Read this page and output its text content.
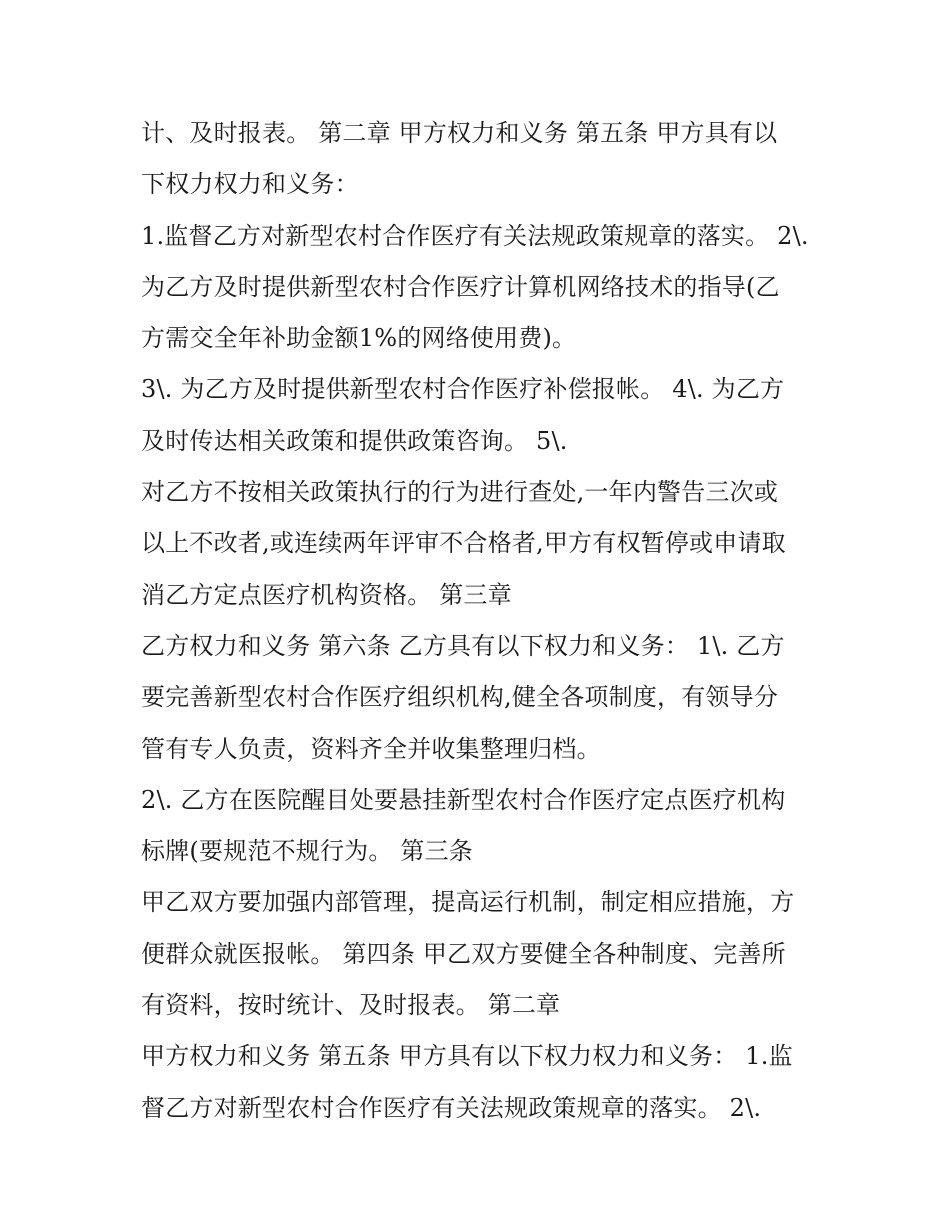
计、及时报表。 第二章 甲方权力和义务 第五条 甲方具有以
下权力权力和义务：
1.监督乙方对新型农村合作医疗有关法规政策规章的落实。 2\.
为乙方及时提供新型农村合作医疗计算机网络技术的指导(乙
方需交全年补助金额1%的网络使用费)。
3\. 为乙方及时提供新型农村合作医疗补偿报帐。 4\. 为乙方
及时传达相关政策和提供政策咨询。 5\.
对乙方不按相关政策执行的行为进行查处,一年内警告三次或
以上不改者,或连续两年评审不合格者,甲方有权暂停或申请取
消乙方定点医疗机构资格。 第三章
乙方权力和义务 第六条 乙方具有以下权力和义务： 1\. 乙方
要完善新型农村合作医疗组织机构,健全各项制度，有领导分
管有专人负责，资料齐全并收集整理归档。
2\. 乙方在医院醒目处要悬挂新型农村合作医疗定点医疗机构
标牌(要规范不规行为。 第三条
甲乙双方要加强内部管理，提高运行机制，制定相应措施，方
便群众就医报帐。 第四条 甲乙双方要健全各种制度、完善所
有资料，按时统计、及时报表。 第二章
甲方权力和义务 第五条 甲方具有以下权力权力和义务： 1.监
督乙方对新型农村合作医疗有关法规政策规章的落实。 2\.
